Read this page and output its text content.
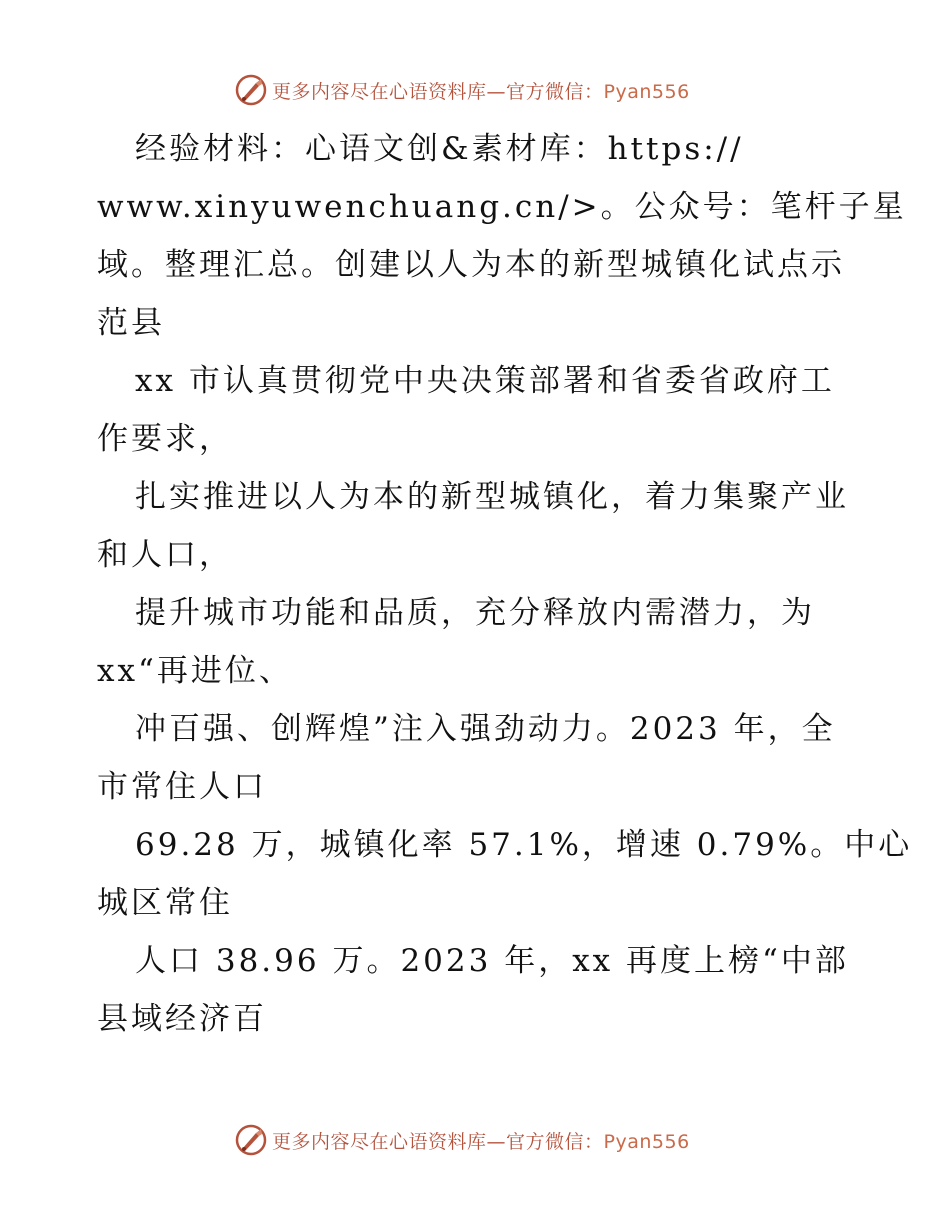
更多内容尽在心语资料库—官方微信：Pyan556
经验材料：心语文创&素材库：https://
www.xinyuwenchuang.cn/>。公众号：笔杆子星
域。整理汇总。创建以人为本的新型城镇化试点示
范县
xx 市认真贯彻党中央决策部署和省委省政府工
作要求，
扎实推进以人为本的新型城镇化，着力集聚产业
和人口，
提升城市功能和品质，充分释放内需潜力，为
xx“再进位、
冲百强、创辉煌”注入强劲动力。2023 年，全
市常住人口
69.28 万，城镇化率 57.1%，增速 0.79%。中心
城区常住
人口 38.96 万。2023 年，xx 再度上榜“中部
县域经济百
更多内容尽在心语资料库—官方微信：Pyan556
